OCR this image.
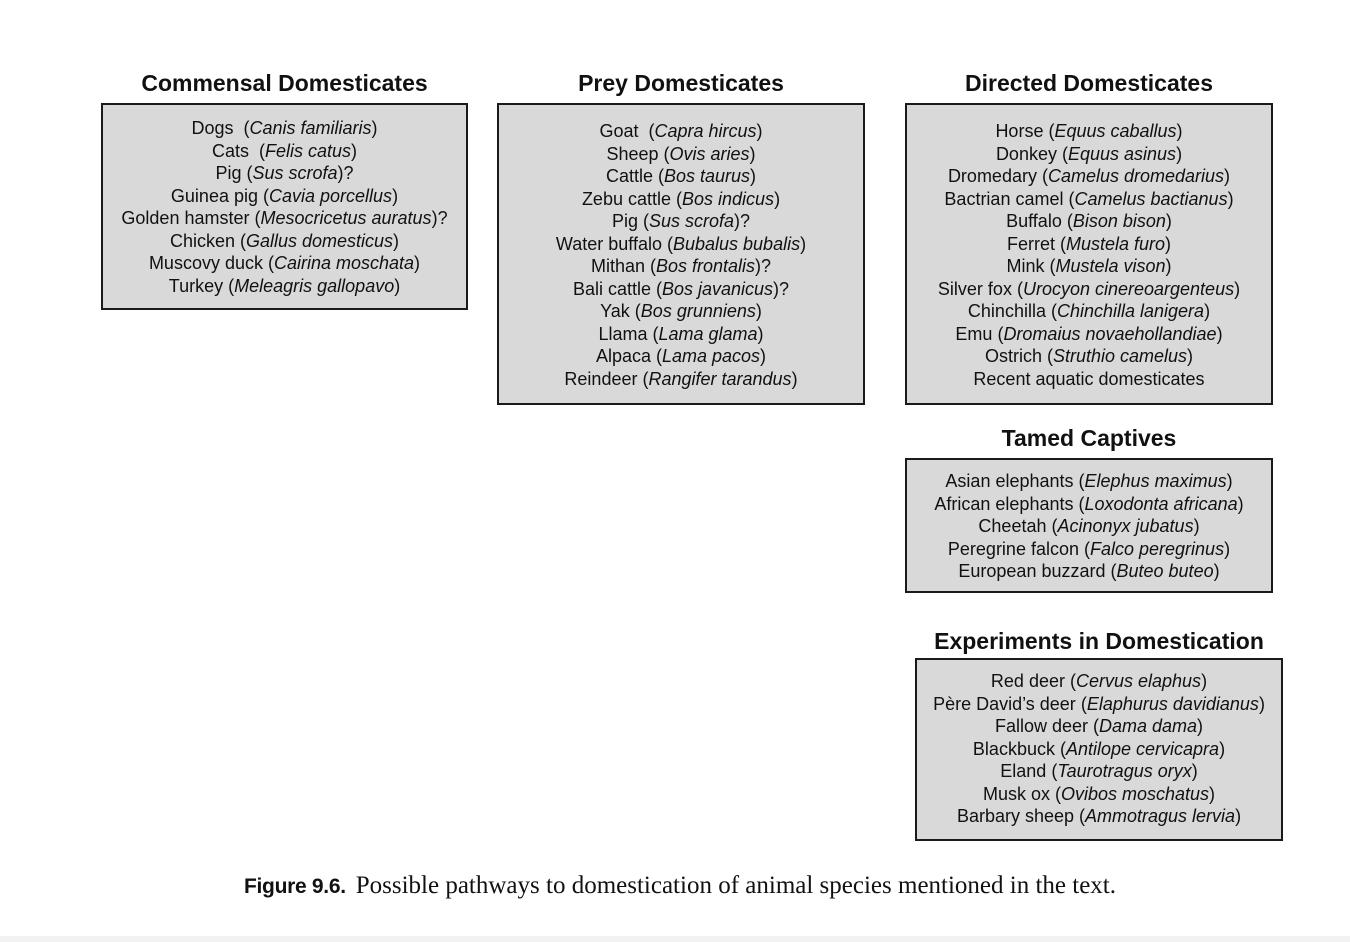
Commensal Domesticates
Dogs  (Canis familiaris)
Cats  (Felis catus)
Pig (Sus scrofa)?
Guinea pig (Cavia porcellus)
Golden hamster (Mesocricetus auratus)?
Chicken (Gallus domesticus)
Muscovy duck (Cairina moschata)
Turkey (Meleagris gallopavo)
Prey Domesticates
Goat  (Capra hircus)
Sheep (Ovis aries)
Cattle (Bos taurus)
Zebu cattle (Bos indicus)
Pig (Sus scrofa)?
Water buffalo (Bubalus bubalis)
Mithan (Bos frontalis)?
Bali cattle (Bos javanicus)?
Yak (Bos grunniens)
Llama (Lama glama)
Alpaca (Lama pacos)
Reindeer (Rangifer tarandus)
Directed Domesticates
Horse (Equus caballus)
Donkey (Equus asinus)
Dromedary (Camelus dromedarius)
Bactrian camel (Camelus bactianus)
Buffalo (Bison bison)
Ferret (Mustela furo)
Mink (Mustela vison)
Silver fox (Urocyon cinereoargenteus)
Chinchilla (Chinchilla lanigera)
Emu (Dromaius novaehollandiae)
Ostrich (Struthio camelus)
Recent aquatic domesticates
Tamed Captives
Asian elephants (Elephus maximus)
African elephants (Loxodonta africana)
Cheetah (Acinonyx jubatus)
Peregrine falcon (Falco peregrinus)
European buzzard (Buteo buteo)
Experiments in Domestication
Red deer (Cervus elaphus)
Père David’s deer (Elaphurus davidianus)
Fallow deer (Dama dama)
Blackbuck (Antilope cervicapra)
Eland (Taurotragus oryx)
Musk ox (Ovibos moschatus)
Barbary sheep (Ammotragus lervia)
Figure 9.6. Possible pathways to domestication of animal species mentioned in the text.
